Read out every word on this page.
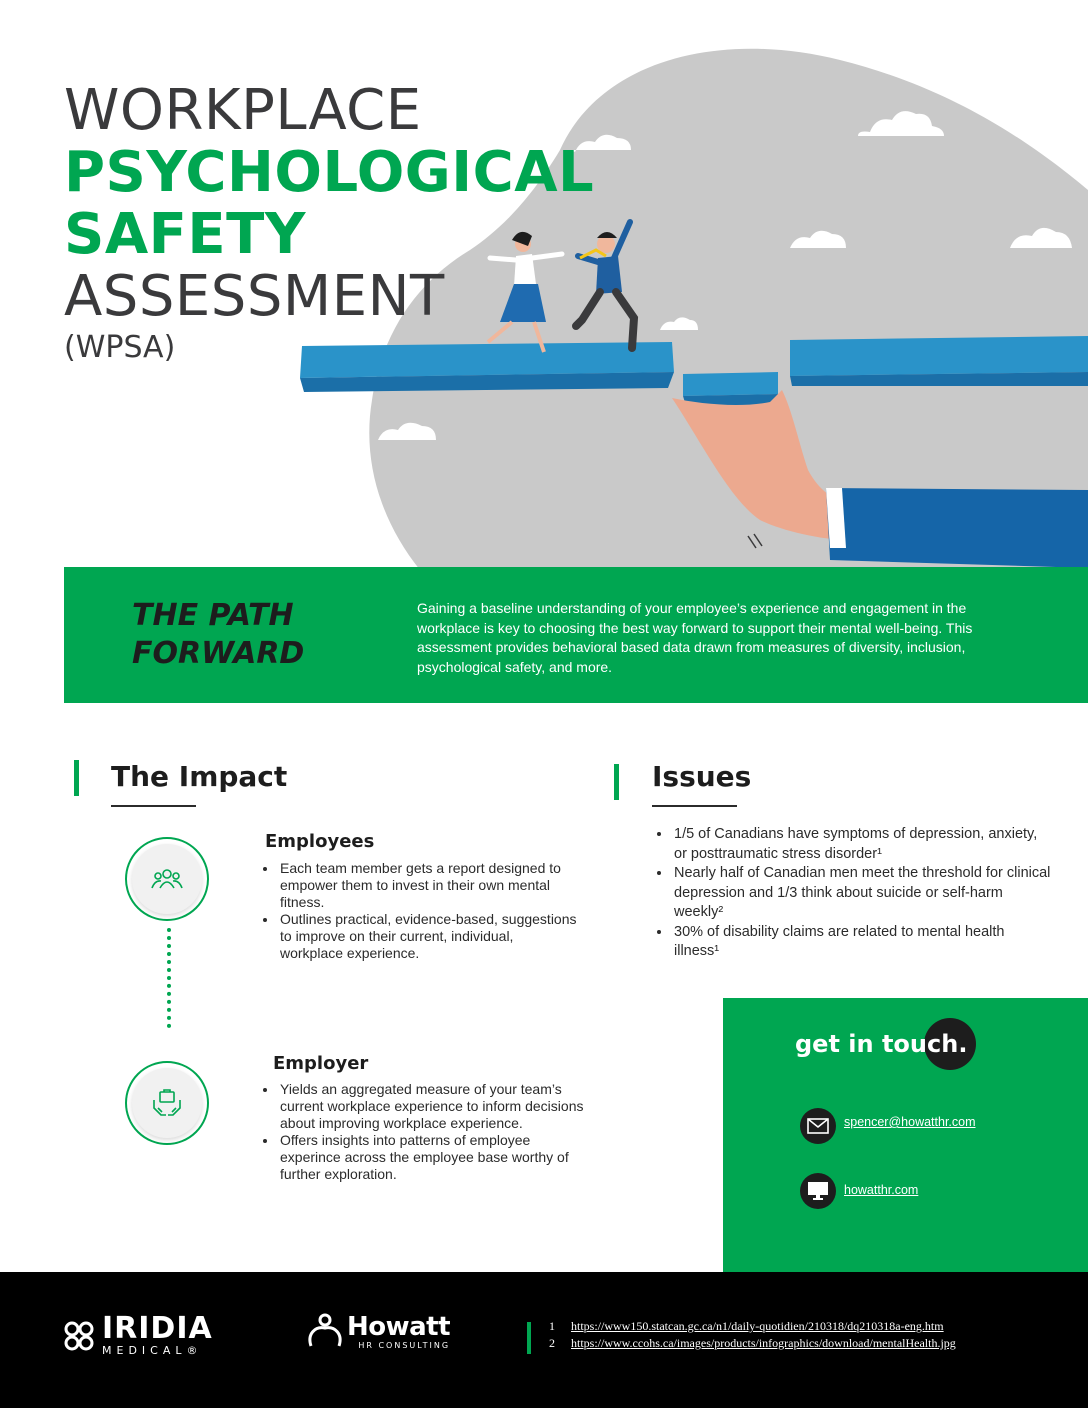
WORKPLACE
PSYCHOLOGICAL
SAFETY
ASSESSMENT
(WPSA)
THE PATH
FORWARD
Gaining a baseline understanding of your employee’s experience and engagement in the workplace is key to choosing the best way forward to support their mental well-being. This assessment provides behavioral based data drawn from measures of diversity, inclusion, psychological safety, and more.
The Impact
Employees
• Each team member gets a report designed to empower them to invest in their own mental fitness.
• Outlines practical, evidence-based, suggestions to improve on their current, individual, workplace experience.
Employer
• Yields an aggregated measure of your team’s current workplace experience to inform decisions about improving workplace experience.
• Offers insights into patterns of employee experince across the employee base worthy of further exploration.
Issues
• 1/5 of Canadians have symptoms of depression, anxiety, or posttraumatic stress disorder¹
• Nearly half of Canadian men meet the threshold for clinical depression and 1/3 think about suicide or self-harm weekly²
• 30% of disability claims are related to mental health illness¹
get in touch.
spencer@howatthr.com
howatthr.com
IRIDIA
MEDICAL®
Howatt
HR CONSULTING
1 https://www150.statcan.gc.ca/n1/daily-quotidien/210318/dq210318a-eng.htm
2 https://www.ccohs.ca/images/products/infographics/download/mentalHealth.jpg
